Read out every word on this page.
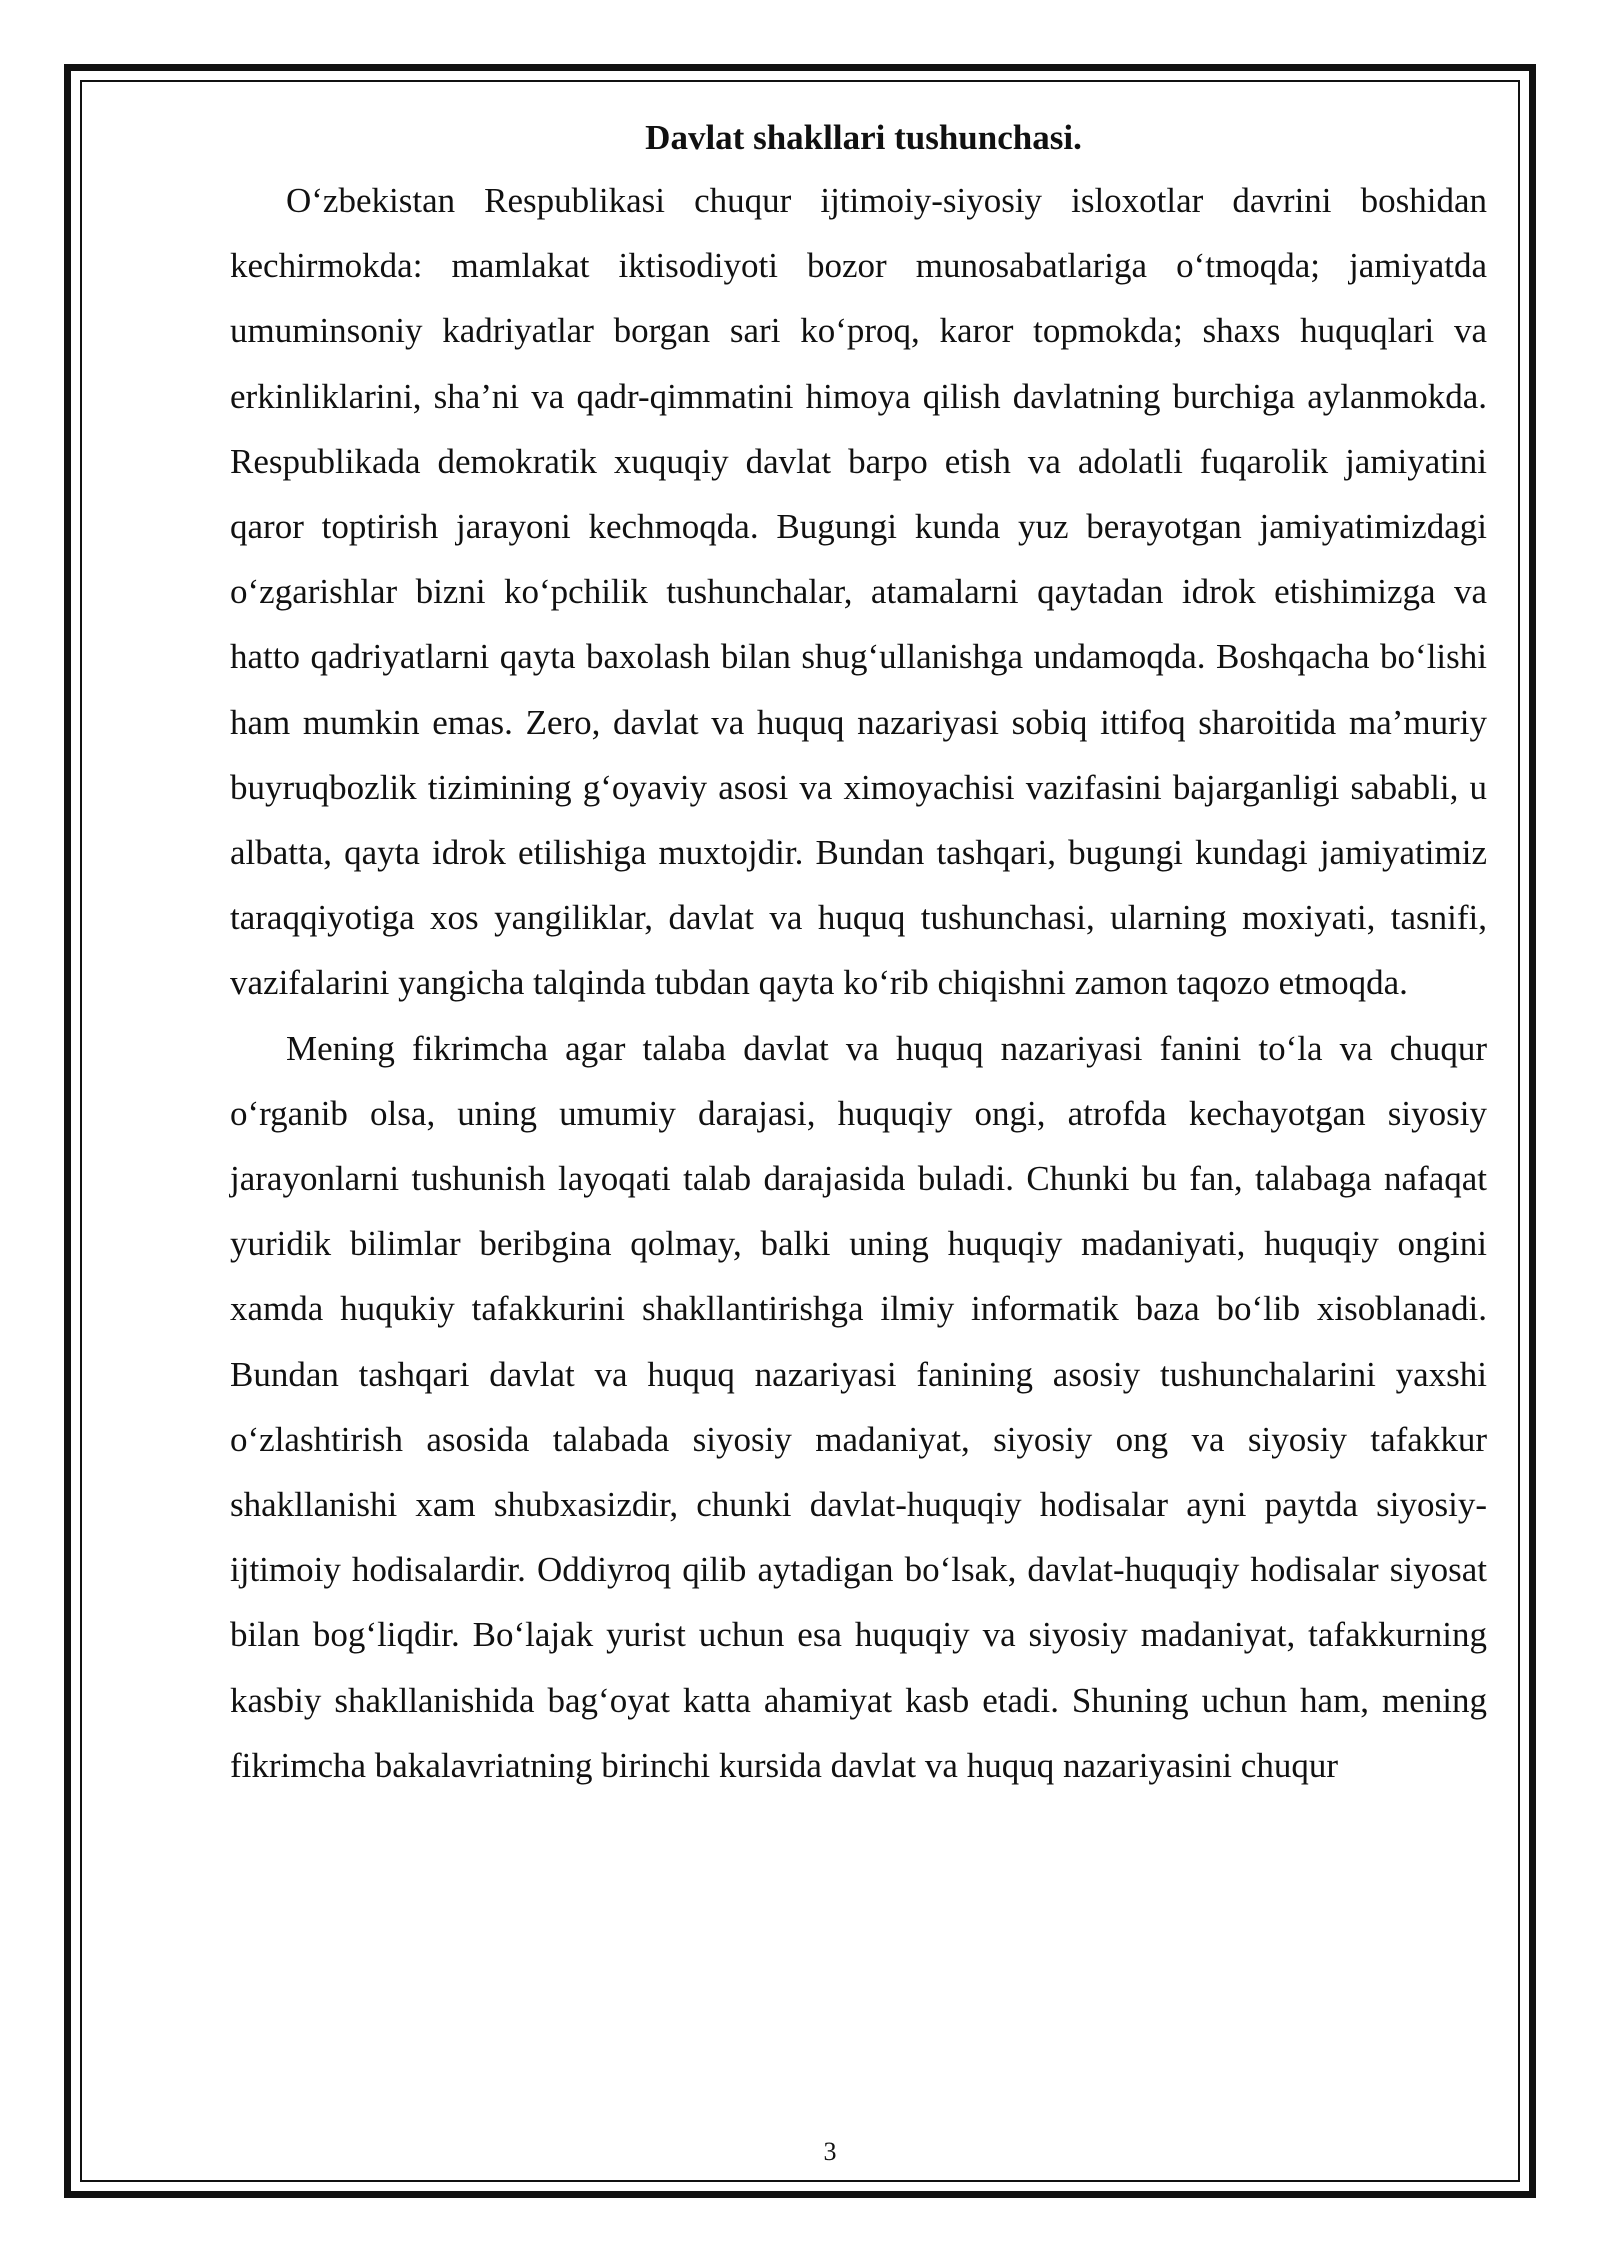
Davlat shakllari tushunchasi.

O‘zbekistan Respublikasi chuqur ijtimoiy-siyosiy isloxotlar davrini boshidan kechirmokda: mamlakat iktisodiyoti bozor munosabatlariga o‘tmoqda; jamiyatda umuminsoniy kadriyatlar borgan sari ko‘proq, karor topmokda; shaxs huquqlari va erkinliklarini, sha’ni va qadr-qimmatini himoya qilish davlatning burchiga aylanmokda. Respublikada demokratik xuquqiy davlat barpo etish va adolatli fuqarolik jamiyatini qaror toptirish jarayoni kechmoqda. Bugungi kunda yuz berayotgan jamiyatimizdagi o‘zgarishlar bizni ko‘pchilik tushunchalar, atamalarni qaytadan idrok etishimizga va hatto qadriyatlarni qayta baxolash bilan shug‘ullanishga undamoqda. Boshqacha bo‘lishi ham mumkin emas. Zero, davlat va huquq nazariyasi sobiq ittifoq sharoitida ma’muriy buyruqbozlik tizimining g‘oyaviy asosi va ximoyachisi vazifasini bajarganligi sababli, u albatta, qayta idrok etilishiga muxtojdir. Bundan tashqari, bugungi kundagi jamiyatimiz taraqqiyotiga xos yangiliklar, davlat va huquq tushunchasi, ularning moxiyati, tasnifi, vazifalarini yangicha talqinda tubdan qayta ko‘rib chiqishni zamon taqozo etmoqda.

Mening fikrimcha agar talaba davlat va huquq nazariyasi fanini to‘la va chuqur o‘rganib olsa, uning umumiy darajasi, huquqiy ongi, atrofda kechayotgan siyosiy jarayonlarni tushunish layoqati talab darajasida buladi. Chunki bu fan, talabaga nafaqat yuridik bilimlar beribgina qolmay, balki uning huquqiy madaniyati, huquqiy ongini xamda huqukiy tafakkurini shakllantirishga ilmiy informatik baza bo‘lib xisoblanadi. Bundan tashqari davlat va huquq nazariyasi fanining asosiy tushunchalarini yaxshi o‘zlashtirish asosida talabada siyosiy madaniyat, siyosiy ong va siyosiy tafakkur shakllanishi xam shubxasizdir, chunki davlat-huquqiy hodisalar ayni paytda siyosiy-ijtimoiy hodisalardir. Oddiyroq qilib aytadigan bo‘lsak, davlat-huquqiy hodisalar siyosat bilan bog‘liqdir. Bo‘lajak yurist uchun esa huquqiy va siyosiy madaniyat, tafakkurning kasbiy shakllanishida bag‘oyat katta ahamiyat kasb etadi. Shuning uchun ham, mening fikrimcha bakalavriatning birinchi kursida davlat va huquq nazariyasini chuqur

3
